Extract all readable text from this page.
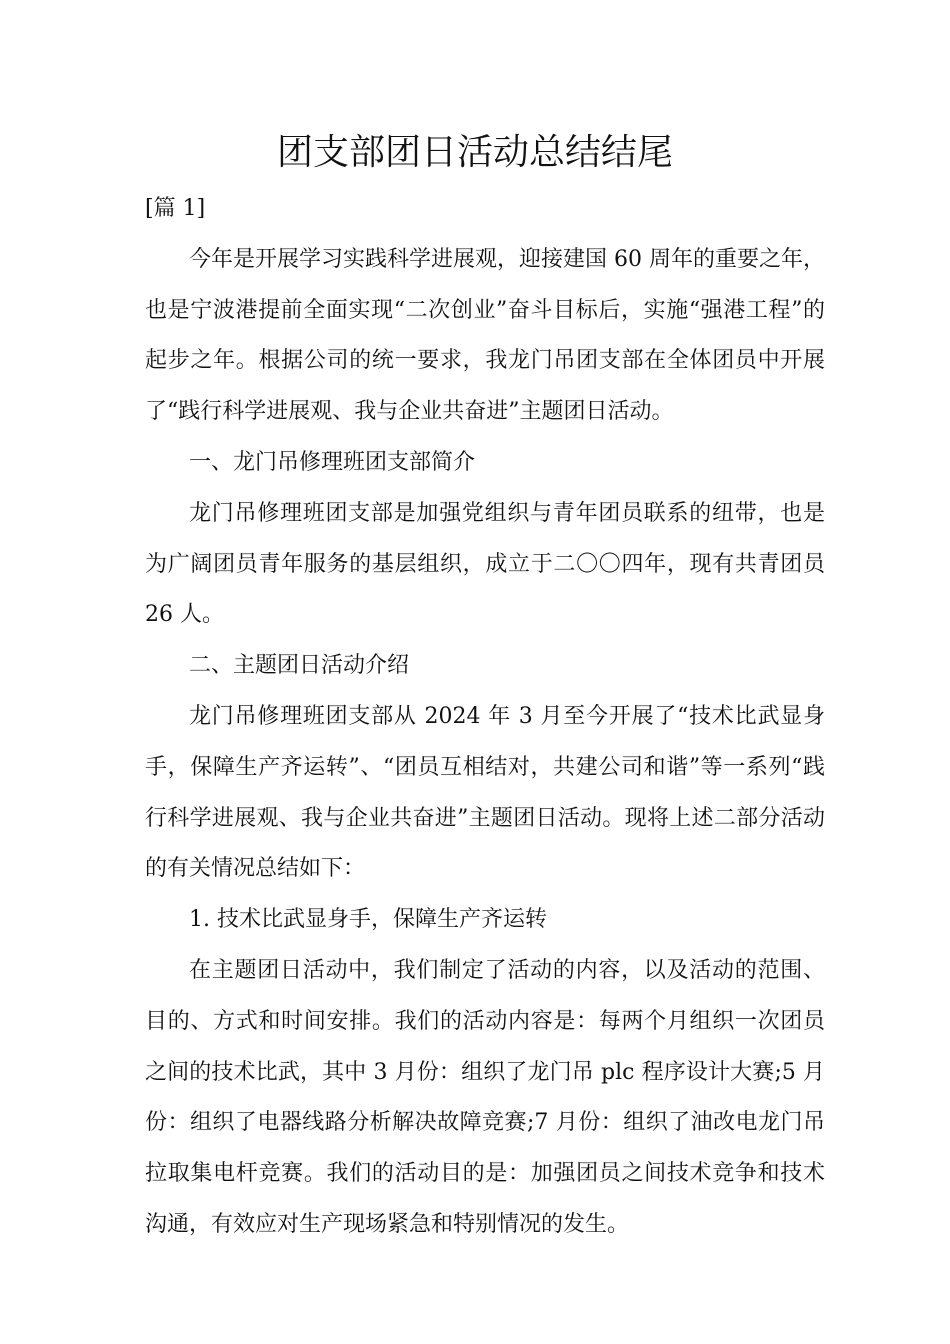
团支部团日活动总结结尾

[篇 1]

今年是开展学习实践科学进展观，迎接建国 60 周年的重要之年，也是宁波港提前全面实现“二次创业”奋斗目标后，实施“强港工程”的起步之年。根据公司的统一要求，我龙门吊团支部在全体团员中开展了“践行科学进展观、我与企业共奋进”主题团日活动。

一、龙门吊修理班团支部简介

龙门吊修理班团支部是加强党组织与青年团员联系的纽带，也是为广阔团员青年服务的基层组织，成立于二〇〇四年，现有共青团员 26 人。

二、主题团日活动介绍

龙门吊修理班团支部从 2024 年 3 月至今开展了“技术比武显身手，保障生产齐运转”、“团员互相结对，共建公司和谐”等一系列“践行科学进展观、我与企业共奋进”主题团日活动。现将上述二部分活动的有关情况总结如下：

1. 技术比武显身手，保障生产齐运转

在主题团日活动中，我们制定了活动的内容，以及活动的范围、目的、方式和时间安排。我们的活动内容是：每两个月组织一次团员之间的技术比武，其中 3 月份：组织了龙门吊 plc 程序设计大赛;5 月份：组织了电器线路分析解决故障竞赛;7 月份：组织了油改电龙门吊拉取集电杆竞赛。我们的活动目的是：加强团员之间技术竞争和技术沟通，有效应对生产现场紧急和特别情况的发生。
